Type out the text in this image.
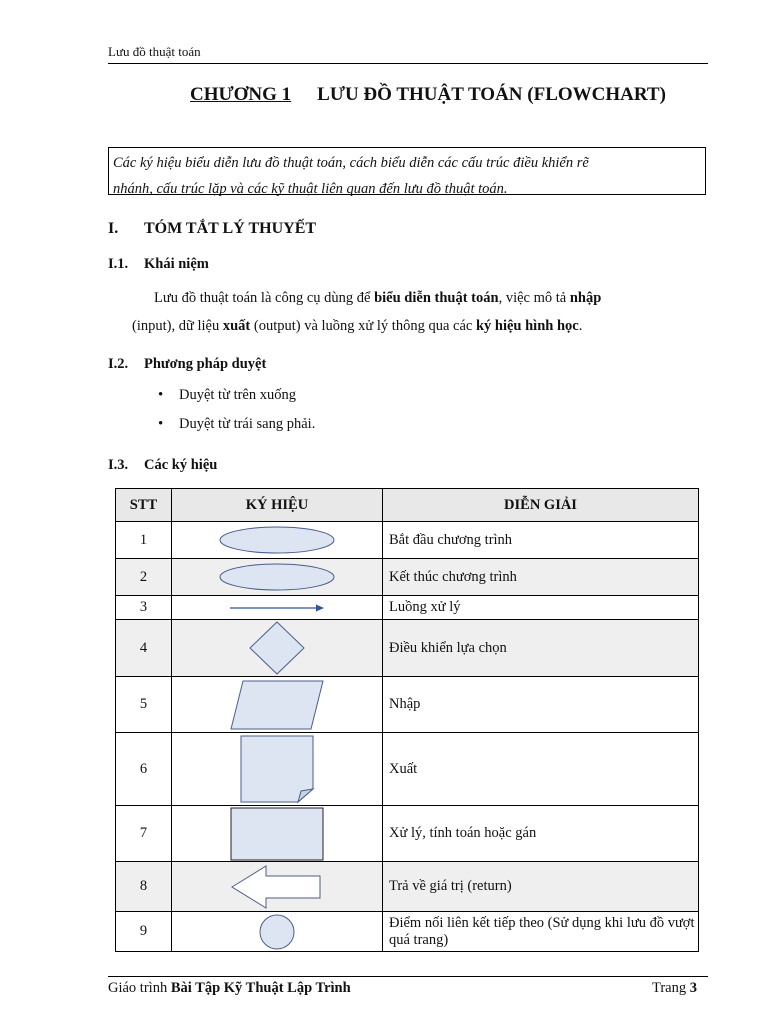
Lưu đồ thuật toán
CHƯƠNG 1 LƯU ĐỒ THUẬT TOÁN (FLOWCHART)
Các ký hiệu biểu diễn lưu đồ thuật toán, cách biểu diễn các cấu trúc điều khiển rẽ
nhánh, cấu trúc lặp và các kỹ thuật liên quan đến lưu đồ thuật toán.
I. TÓM TẮT LÝ THUYẾT
I.1. Khái niệm
Lưu đồ thuật toán là công cụ dùng để biểu diễn thuật toán, việc mô tả nhập
(input), dữ liệu xuất (output) và luồng xử lý thông qua các ký hiệu hình học.
I.2. Phương pháp duyệt
• Duyệt từ trên xuống
• Duyệt từ trái sang phải.
I.3. Các ký hiệu
STT	KÝ HIỆU	DIỄN GIẢI
1		Bắt đầu chương trình
2		Kết thúc chương trình
3		Luồng xử lý
4		Điều khiển lựa chọn
5		Nhập
6		Xuất
7		Xử lý, tính toán hoặc gán
8		Trả về giá trị (return)
9		Điểm nối liên kết tiếp theo (Sử dụng khi lưu đồ vượt quá trang)
Giáo trình Bài Tập Kỹ Thuật Lập Trình	Trang 3
